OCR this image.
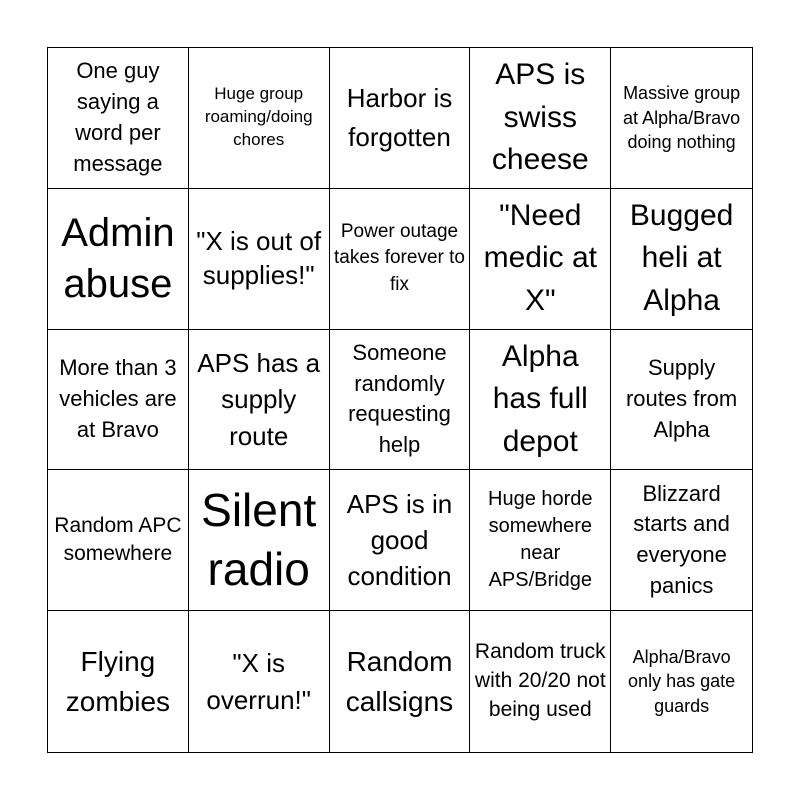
One guy saying a word per message
Huge group roaming/doing chores
Harbor is forgotten
APS is swiss cheese
Massive group at Alpha/Bravo doing nothing
Admin abuse
"X is out of supplies!"
Power outage takes forever to fix
"Need medic at X"
Bugged heli at Alpha
More than 3 vehicles are at Bravo
APS has a supply route
Someone randomly requesting help
Alpha has full depot
Supply routes from Alpha
Random APC somewhere
Silent radio
APS is in good condition
Huge horde somewhere near APS/Bridge
Blizzard starts and everyone panics
Flying zombies
"X is overrun!"
Random callsigns
Random truck with 20/20 not being used
Alpha/Bravo only has gate guards
